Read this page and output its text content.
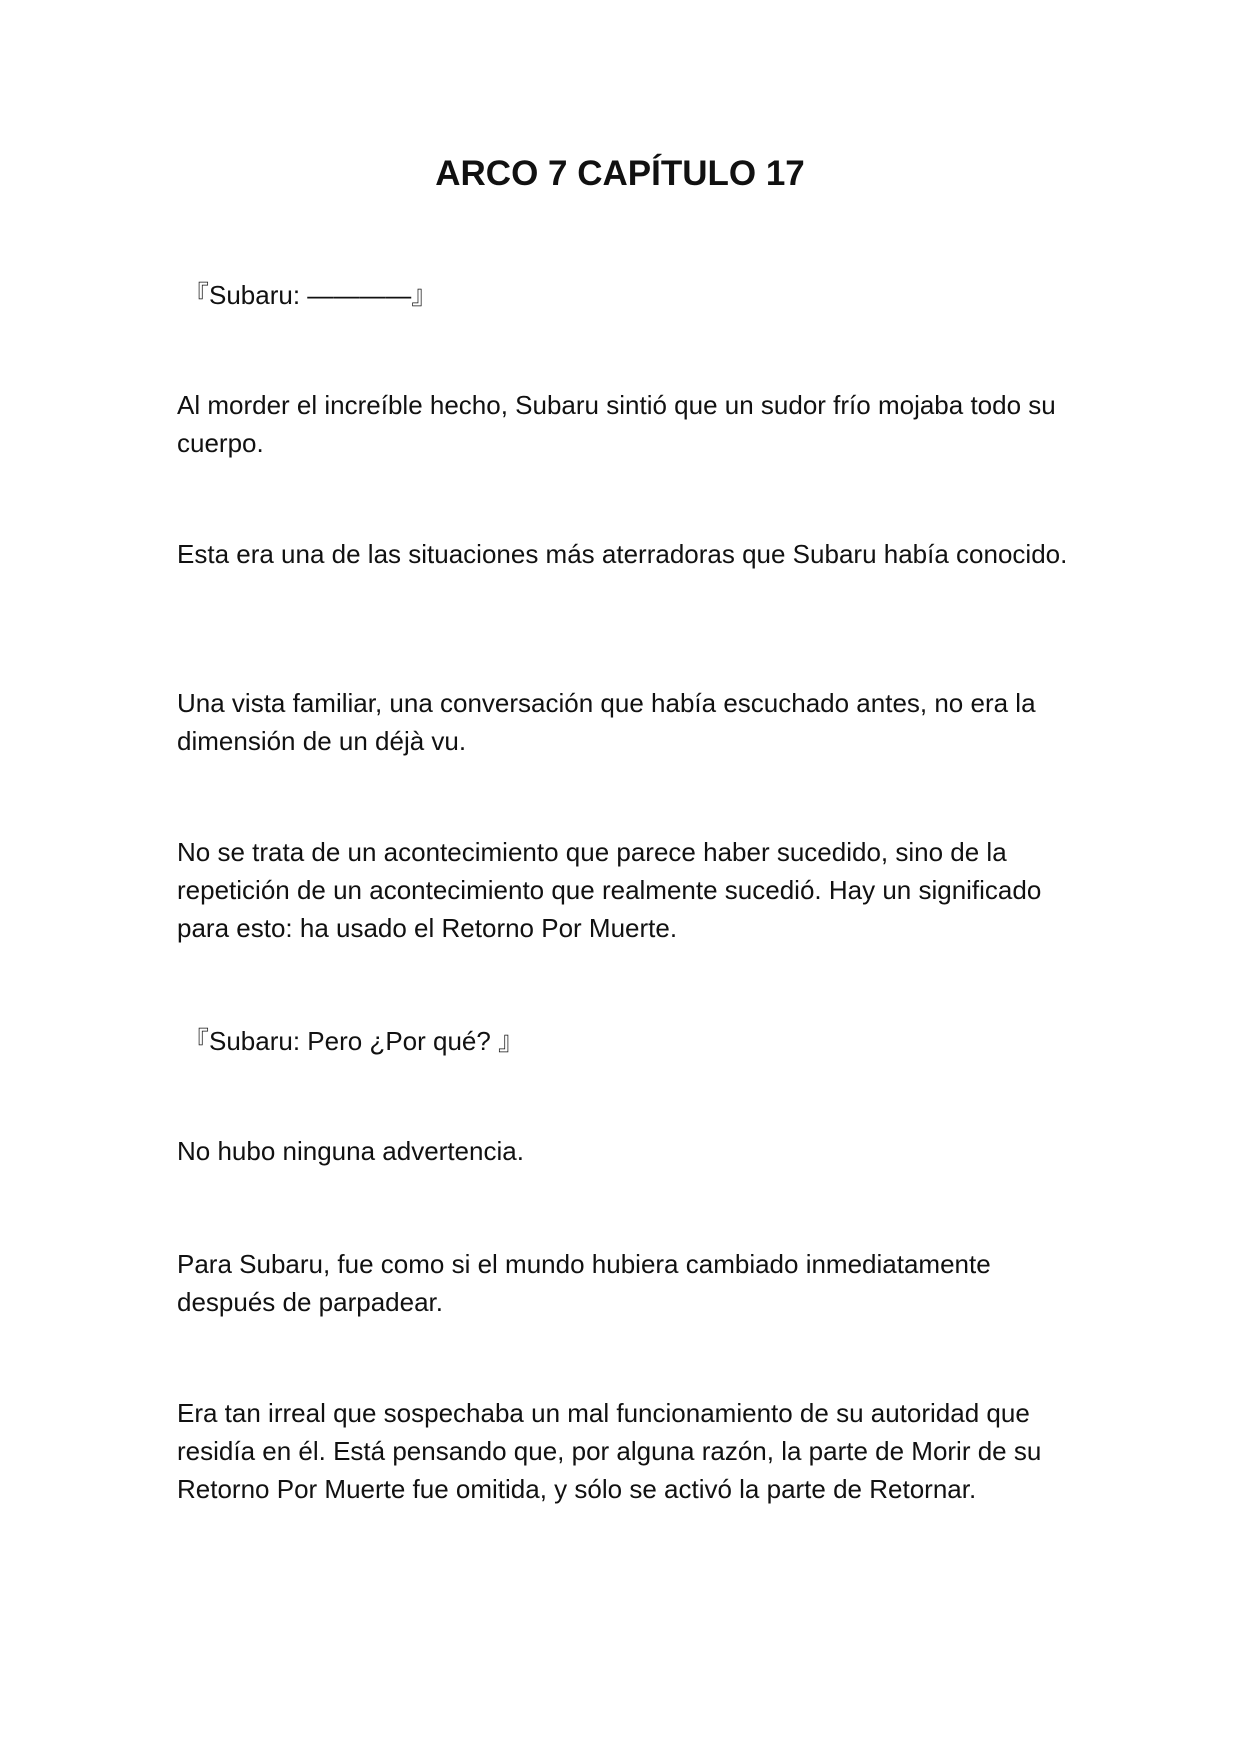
ARCO 7 CAPÍTULO 17

『Subaru: ————』

Al morder el increíble hecho, Subaru sintió que un sudor frío mojaba todo su cuerpo.

Esta era una de las situaciones más aterradoras que Subaru había conocido.

Una vista familiar, una conversación que había escuchado antes, no era la dimensión de un déjà vu.

No se trata de un acontecimiento que parece haber sucedido, sino de la repetición de un acontecimiento que realmente sucedió. Hay un significado para esto: ha usado el Retorno Por Muerte.

『Subaru: Pero ¿Por qué? 』

No hubo ninguna advertencia.

Para Subaru, fue como si el mundo hubiera cambiado inmediatamente después de parpadear.

Era tan irreal que sospechaba un mal funcionamiento de su autoridad que residía en él. Está pensando que, por alguna razón, la parte de Morir de su Retorno Por Muerte fue omitida, y sólo se activó la parte de Retornar.
